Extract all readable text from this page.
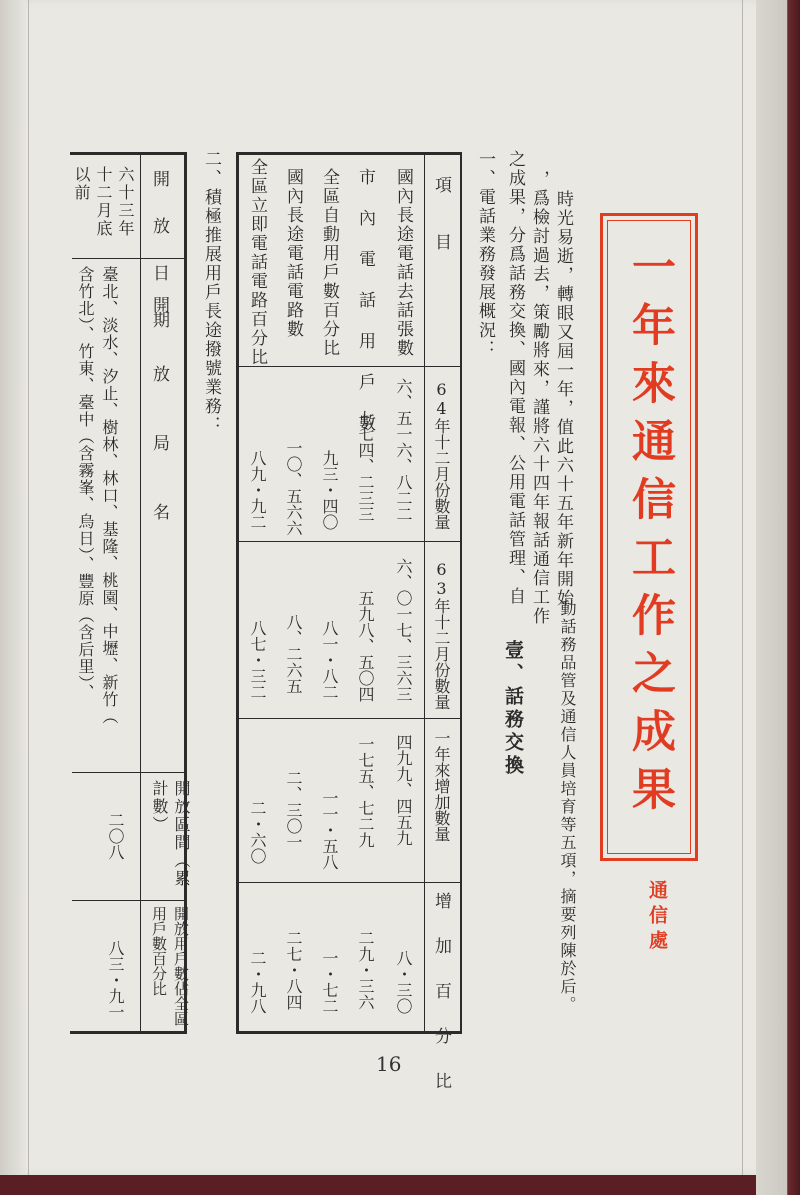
一年來通信工作之成果
通信處
時光易逝，轉眼又屆一年，值此六十五年新年開始
，爲檢討過去，策勵將來，謹將六十四年報話通信工作
之成果，分爲話務交換、國內電報、公用電話管理、自
動話務品管及通信人員培育等五項，摘要列陳於后。
壹、話務交換
一、電話業務發展概況：
項　　目
64年十二月份數量
63年十二月份數量
一年來增加數量
增 加 百 分 比
國內長途電話去話張數
市 內 電 話 用 戶 數
全區自動用戶數百分比
國內長途電話電路數
全區立即電話電路百分比
六、五一六、八二二
七七四、二三三
九三・四〇
一〇、五六六
八九・九二
六、〇一七、三六三
五九八、五〇四
八一・八二
八、二六五
八七・三二
四九九、四五九
一七五、七二九
一一・五八
二、三〇一
二・六〇
八・三〇
二九・三六
一・七二
二七・八四
二・九八
二、積極推展用戶長途撥號業務：
開 放 日 期
開　　放　　局　　名
開放區間（累計數）
開放用戶數佔全區用戶數百分比
六十三年十二月底以前
臺北、淡水、汐止、樹林、林口、基隆、桃園、中壢、新竹（
含竹北）、竹東、臺中（含霧峯、烏日）、豐原（含后里）、
二〇八
八三・九一
16
